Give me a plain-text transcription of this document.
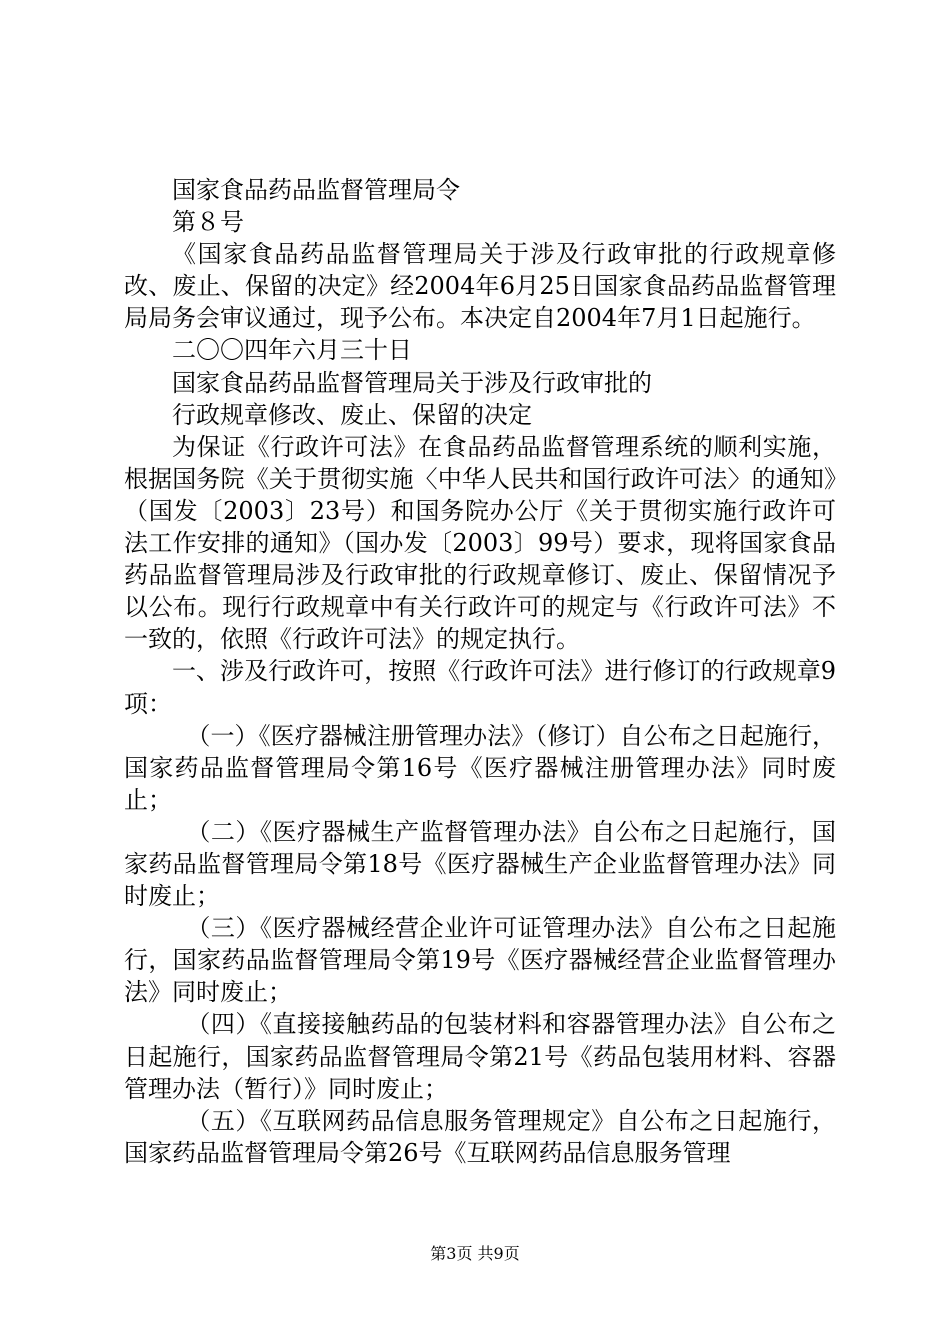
国家食品药品监督管理局令

第８号

《国家食品药品监督管理局关于涉及行政审批的行政规章修改、废止、保留的决定》经2004年6月25日国家食品药品监督管理局局务会审议通过，现予公布。本决定自2004年7月1日起施行。

二〇〇四年六月三十日

国家食品药品监督管理局关于涉及行政审批的

行政规章修改、废止、保留的决定

为保证《行政许可法》在食品药品监督管理系统的顺利实施，根据国务院《关于贯彻实施〈中华人民共和国行政许可法〉的通知》（国发〔2003〕23号）和国务院办公厅《关于贯彻实施行政许可法工作安排的通知》（国办发〔2003〕99号）要求，现将国家食品药品监督管理局涉及行政审批的行政规章修订、废止、保留情况予以公布。现行行政规章中有关行政许可的规定与《行政许可法》不一致的，依照《行政许可法》的规定执行。

一、涉及行政许可，按照《行政许可法》进行修订的行政规章9项：

（一）《医疗器械注册管理办法》（修订）自公布之日起施行，国家药品监督管理局令第16号《医疗器械注册管理办法》同时废止；

（二）《医疗器械生产监督管理办法》自公布之日起施行，国家药品监督管理局令第18号《医疗器械生产企业监督管理办法》同时废止；

（三）《医疗器械经营企业许可证管理办法》自公布之日起施行，国家药品监督管理局令第19号《医疗器械经营企业监督管理办法》同时废止；

（四）《直接接触药品的包装材料和容器管理办法》自公布之日起施行，国家药品监督管理局令第21号《药品包装用材料、容器管理办法（暂行）》同时废止；

（五）《互联网药品信息服务管理规定》自公布之日起施行，国家药品监督管理局令第26号《互联网药品信息服务管理

第3页 共9页
